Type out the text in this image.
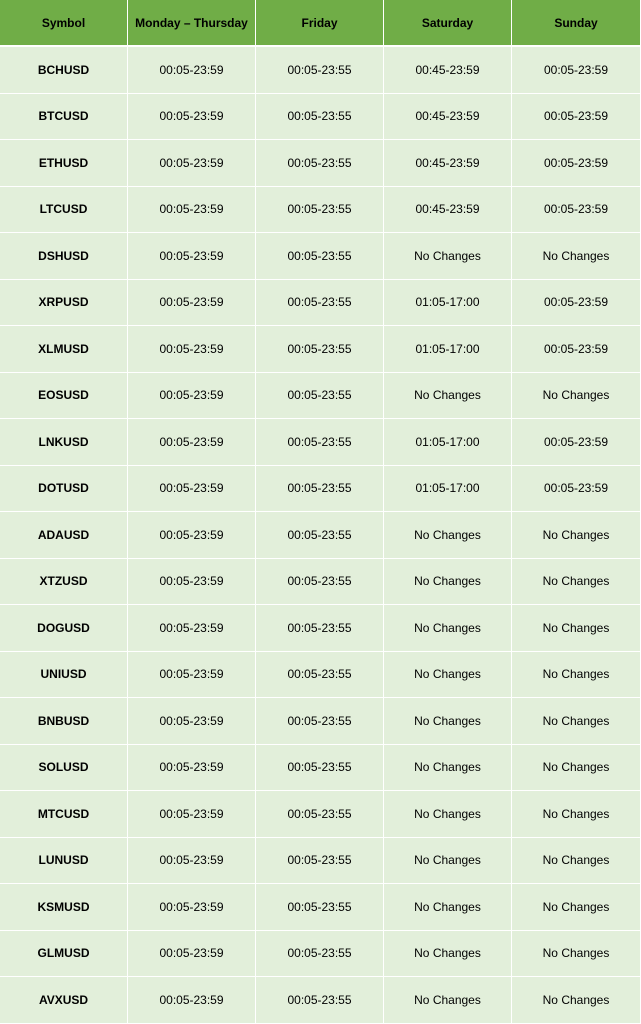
Symbol	Monday – Thursday	Friday	Saturday	Sunday
BCHUSD	00:05-23:59	00:05-23:55	00:45-23:59	00:05-23:59
BTCUSD	00:05-23:59	00:05-23:55	00:45-23:59	00:05-23:59
ETHUSD	00:05-23:59	00:05-23:55	00:45-23:59	00:05-23:59
LTCUSD	00:05-23:59	00:05-23:55	00:45-23:59	00:05-23:59
DSHUSD	00:05-23:59	00:05-23:55	No Changes	No Changes
XRPUSD	00:05-23:59	00:05-23:55	01:05-17:00	00:05-23:59
XLMUSD	00:05-23:59	00:05-23:55	01:05-17:00	00:05-23:59
EOSUSD	00:05-23:59	00:05-23:55	No Changes	No Changes
LNKUSD	00:05-23:59	00:05-23:55	01:05-17:00	00:05-23:59
DOTUSD	00:05-23:59	00:05-23:55	01:05-17:00	00:05-23:59
ADAUSD	00:05-23:59	00:05-23:55	No Changes	No Changes
XTZUSD	00:05-23:59	00:05-23:55	No Changes	No Changes
DOGUSD	00:05-23:59	00:05-23:55	No Changes	No Changes
UNIUSD	00:05-23:59	00:05-23:55	No Changes	No Changes
BNBUSD	00:05-23:59	00:05-23:55	No Changes	No Changes
SOLUSD	00:05-23:59	00:05-23:55	No Changes	No Changes
MTCUSD	00:05-23:59	00:05-23:55	No Changes	No Changes
LUNUSD	00:05-23:59	00:05-23:55	No Changes	No Changes
KSMUSD	00:05-23:59	00:05-23:55	No Changes	No Changes
GLMUSD	00:05-23:59	00:05-23:55	No Changes	No Changes
AVXUSD	00:05-23:59	00:05-23:55	No Changes	No Changes
